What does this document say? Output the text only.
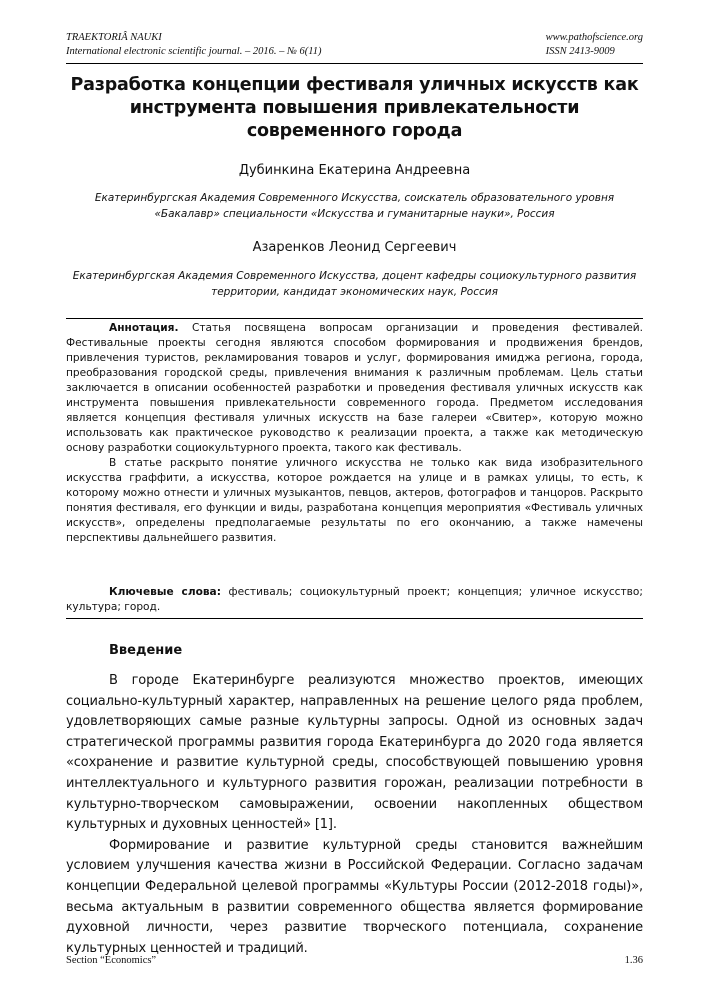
TRAEKTORIÂ NAUKI
International electronic scientific journal. – 2016. – № 6(11)
www.pathofscience.org
ISSN 2413-9009
Разработка концепции фестиваля уличных искусств как инструмента повышения привлекательности современного города
Дубинкина Екатерина Андреевна
Екатеринбургская Академия Современного Искусства, соискатель образовательного уровня «Бакалавр» специальности «Искусства и гуманитарные науки», Россия
Азаренков Леонид Сергеевич
Екатеринбургская Академия Современного Искусства, доцент кафедры социокультурного развития территории, кандидат экономических наук, Россия

Аннотация. Статья посвящена вопросам организации и проведения фестивалей. Фестивальные проекты сегодня являются способом формирования и продвижения брендов, привлечения туристов, рекламирования товаров и услуг, формирования имиджа региона, города, преобразования городской среды, привлечения внимания к различным проблемам. Цель статьи заключается в описании особенностей разработки и проведения фестиваля уличных искусств как инструмента повышения привлекательности современного города. Предметом исследования является концепция фестиваля уличных искусств на базе галереи «Свитер», которую можно использовать как практическое руководство к реализации проекта, а также как методическую основу разработки социокультурного проекта, такого как фестиваль.

В статье раскрыто понятие уличного искусства не только как вида изобразительного искусства граффити, а искусства, которое рождается на улице и в рамках улицы, то есть, к которому можно отнести и уличных музыкантов, певцов, актеров, фотографов и танцоров. Раскрыто понятия фестиваля, его функции и виды, разработана концепция мероприятия «Фестиваль уличных искусств», определены предполагаемые результаты по его окончанию, а также намечены перспективы дальнейшего развития.

Ключевые слова: фестиваль; социокультурный проект; концепция; уличное искусство; культура; город.

Введение

В городе Екатеринбурге реализуются множество проектов, имеющих социально-культурный характер, направленных на решение целого ряда проблем, удовлетворяющих самые разные культурны запросы. Одной из основных задач стратегической программы развития города Екатеринбурга до 2020 года является «сохранение и развитие культурной среды, способствующей повышению уровня интеллектуального и культурного развития горожан, реализации потребности в культурно-творческом самовыражении, освоении накопленных обществом культурных и духовных ценностей» [1].

Формирование и развитие культурной среды становится важнейшим условием улучшения качества жизни в Российской Федерации. Согласно задачам концепции Федеральной целевой программы «Культуры России (2012-2018 годы)», весьма актуальным в развитии современного общества является формирование духовной личности, через развитие творческого потенциала, сохранение культурных ценностей и традиций.

Section “Economics”	1.36
